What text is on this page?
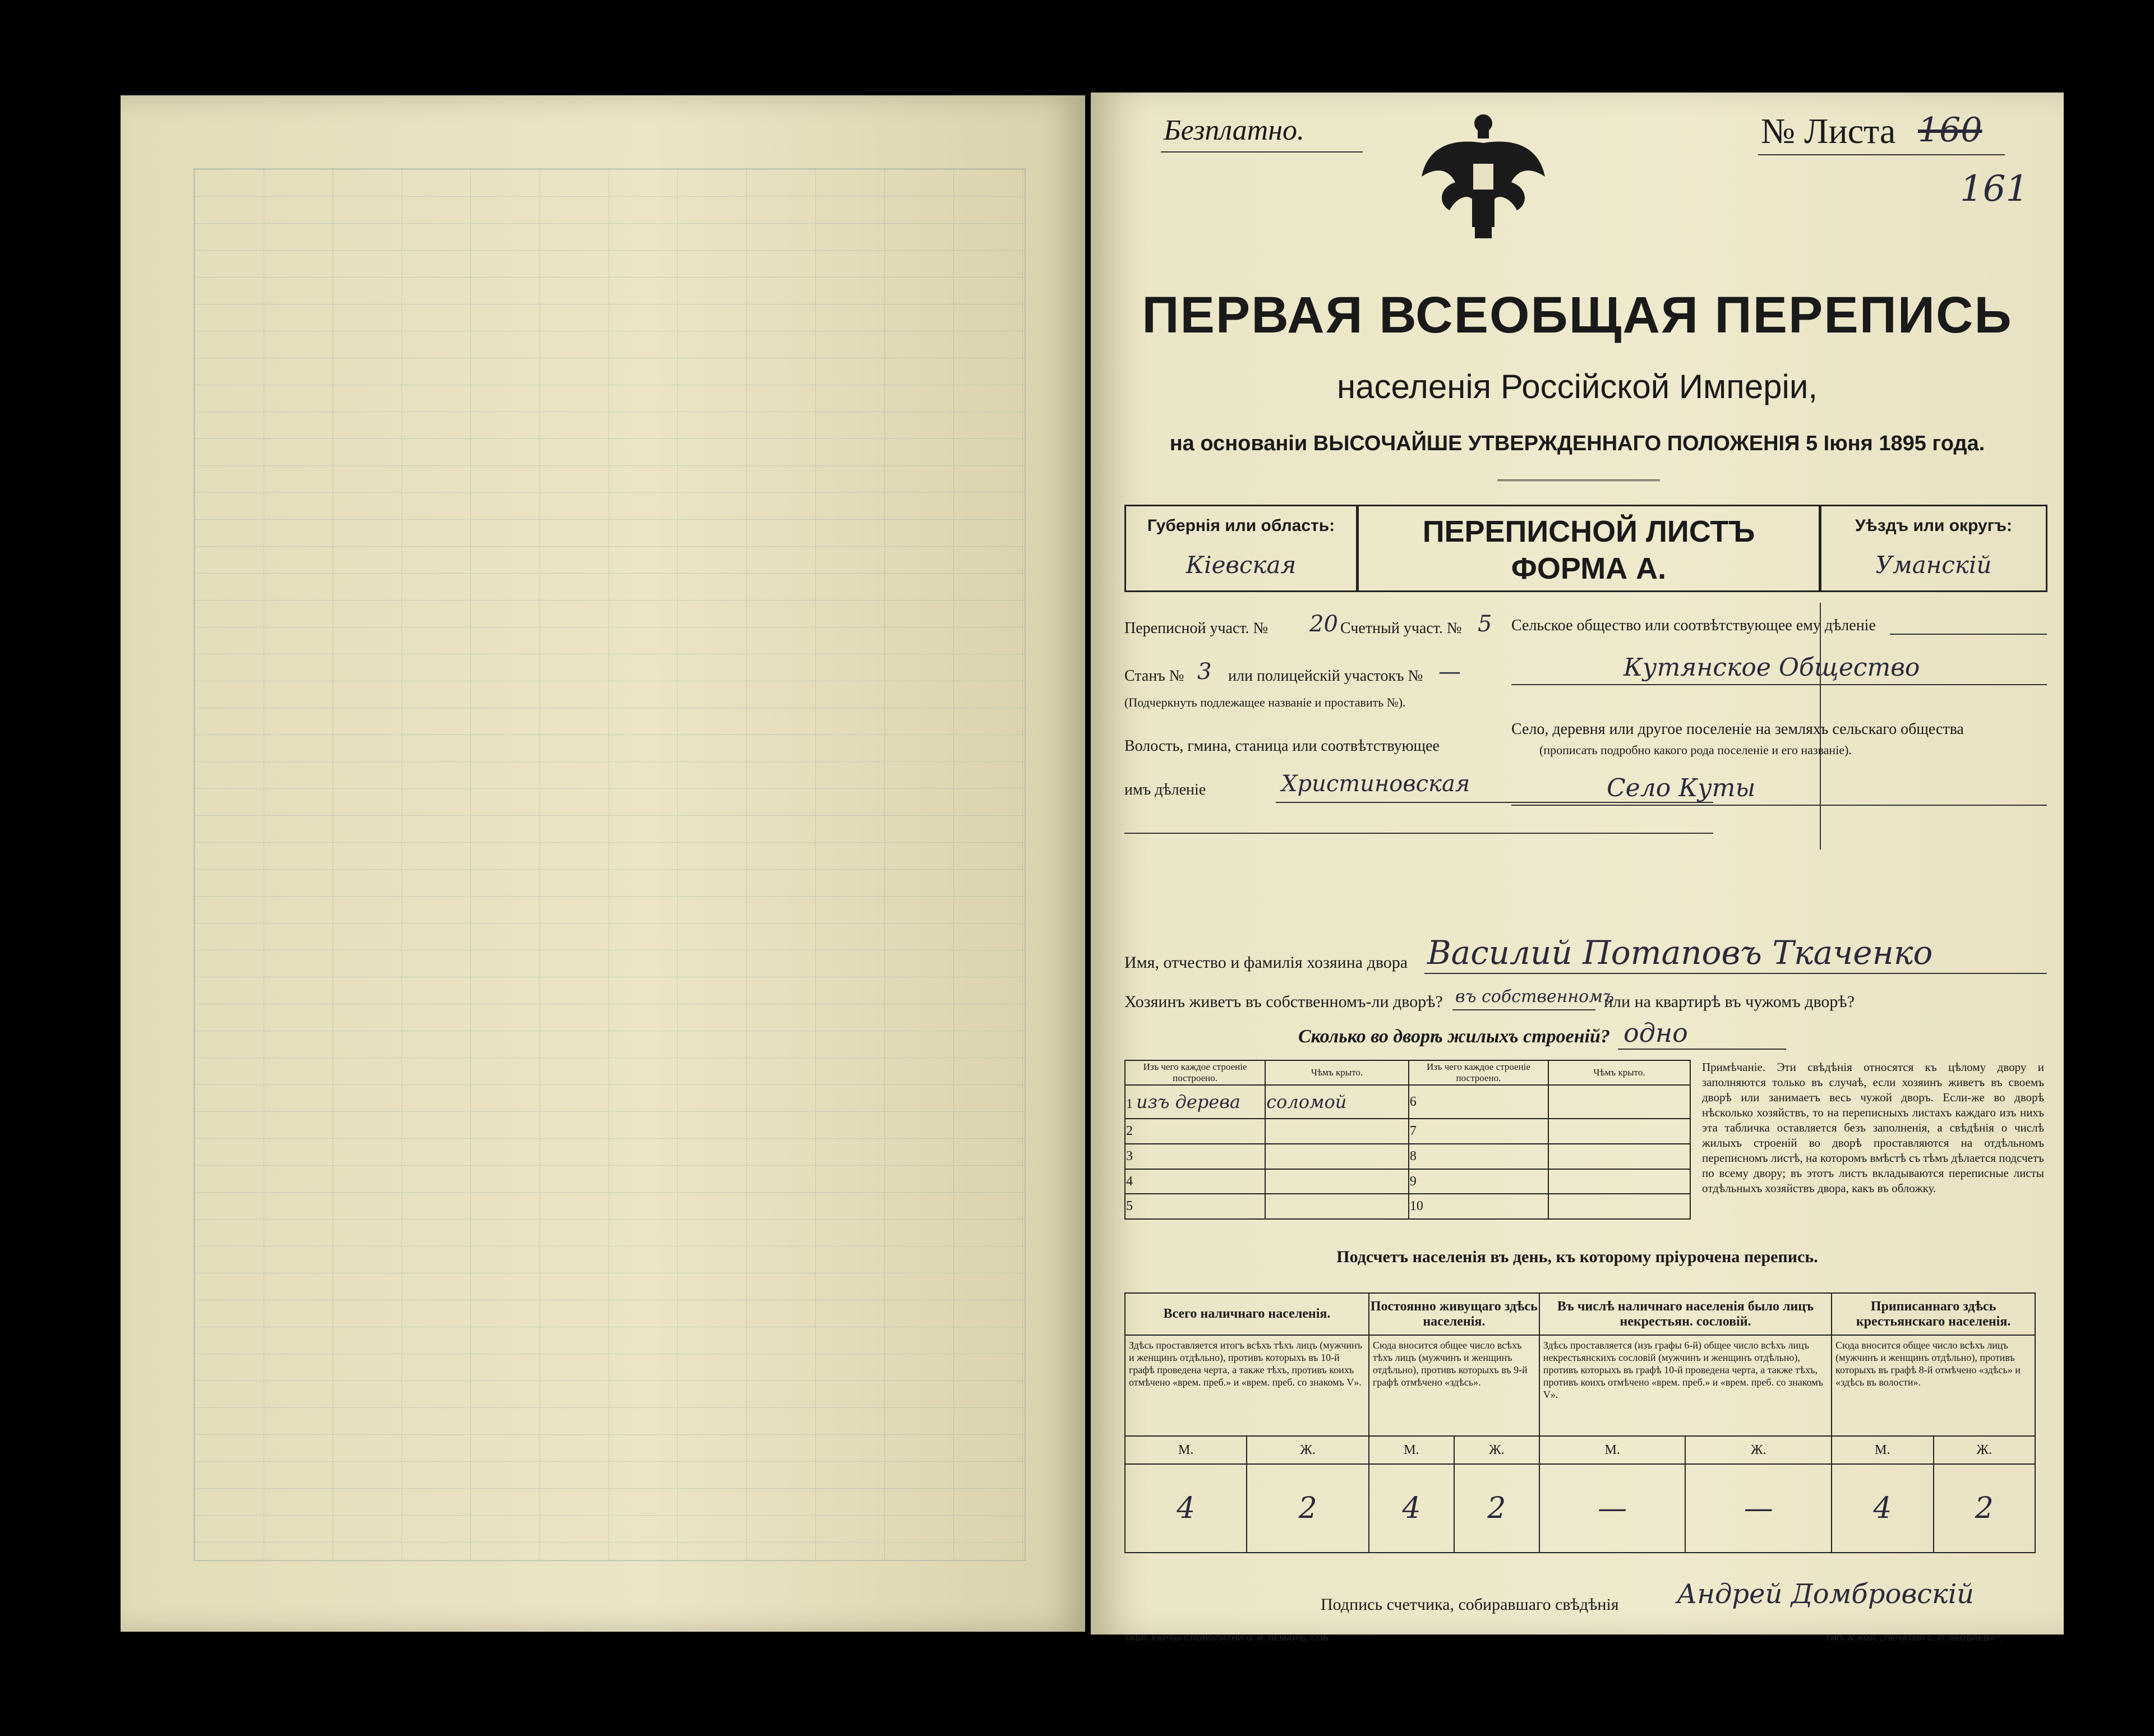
Безплатно.	№ Листа 160
161
ПЕРВАЯ ВСЕОБЩАЯ ПЕРЕПИСЬ
населенія Россійской Имперіи,
на основаніи ВЫСОЧАЙШЕ УТВЕРЖДЕННАГО ПОЛОЖЕНІЯ 5 Іюня 1895 года.
Губернія или область:
Кіевская
ПЕРЕПИСНОЙ ЛИСТЪ
ФОРМА А.
Уѣздъ или округъ:
Уманскій
Переписной участ. № 20 Счетный участ. № 5
Станъ № 3 или полицейскій участокъ № —
(Подчеркнуть подлежащее названіе и проставить №).
Волость, гмина, станица или соотвѣтствующее
имъ дѣленіе	Христиновская
Сельское общество или соотвѣтствующее ему дѣленіе
Кутянское Общество
Село, деревня или другое поселеніе на земляхъ сельскаго общества
(прописать подробно какого рода поселеніе и его названіе).
Село Куты
Имя, отчество и фамилія хозяина двора Василий Потаповъ Ткаченко
Хозяинъ живетъ въ собственномъ-ли дворѣ? въ собственномъ
или на квартирѣ въ чужомъ дворѣ?
Сколько во дворѣ жилыхъ строеній? одно
Изъ чего каждое строеніе построено.	Чѣмъ крыто.	Изъ чего каждое строеніе построено.	Чѣмъ крыто.
1 изъ дерева	соломой	6	
2		7	
3		8	
4		9	
5		10	
Примѣчаніе. Эти свѣдѣнія относятся къ цѣлому двору и заполняются только въ случаѣ, если хозяинъ живетъ въ своемъ дворѣ или занимаетъ весь чужой дворъ. Если-же во дворѣ нѣсколько хозяйствъ, то на переписныхъ листахъ каждаго изъ нихъ эта табличка оставляется безъ заполненія, а свѣдѣнія о числѣ жилыхъ строеній во дворѣ проставляются на отдѣльномъ переписномъ листѣ, на которомъ вмѣстѣ съ тѣмъ дѣлается подсчетъ по всему двору; въ этотъ листъ вкладываются переписные листы отдѣльныхъ хозяйствъ двора, какъ въ обложку.
Подсчетъ населенія въ день, къ которому пріурочена перепись.
Всего наличнаго населенія.		Постоянно живущаго здѣсь населенія.		Въ числѣ наличнаго населенія было лицъ некрестьян. сословій.		Приписаннаго здѣсь крестьянскаго населенія.	
Здѣсь проставляется итогъ всѣхъ тѣхъ лицъ (мужчинъ и женщинъ отдѣльно), противъ которыхъ въ 10-й графѣ проведена черта, а также тѣхъ, противъ коихъ отмѣчено «врем. преб.» и «врем. преб. со знакомъ V».		Сюда вносится общее число всѣхъ тѣхъ лицъ (мужчинъ и женщинъ отдѣльно), противъ которыхъ въ 9-й графѣ отмѣчено «здѣсь».		Здѣсь проставляется (изъ графы 6-й) общее число всѣхъ лицъ некрестьянскихъ сословій (мужчинъ и женщинъ отдѣльно), противъ которыхъ въ графѣ 10-й проведена черта, а также тѣхъ, противъ коихъ отмѣчено «врем. преб.» и «врем. преб. со знакомъ V».		Сюда вносится общее число всѣхъ лицъ (мужчинъ и женщинъ отдѣльно), противъ которыхъ въ графѣ 8-й отмѣчено «здѣсь» и «здѣсь въ волости».	
М.	Ж.	М.	Ж.	М.	Ж.	М.	Ж.
4	2	4	2	—	—	4	2
Подпись счетчика, собиравшаго свѣдѣнія Андрей Домбровскій
ТАБЛ. КАРТЫ СЛОВОЛИТНИ О. И. ЛЕМАНЪ, СПБ	ТИП. А. КОЛ. „ПЕЧАТНЯ С. П. ЯКОВЛЕВА“.
